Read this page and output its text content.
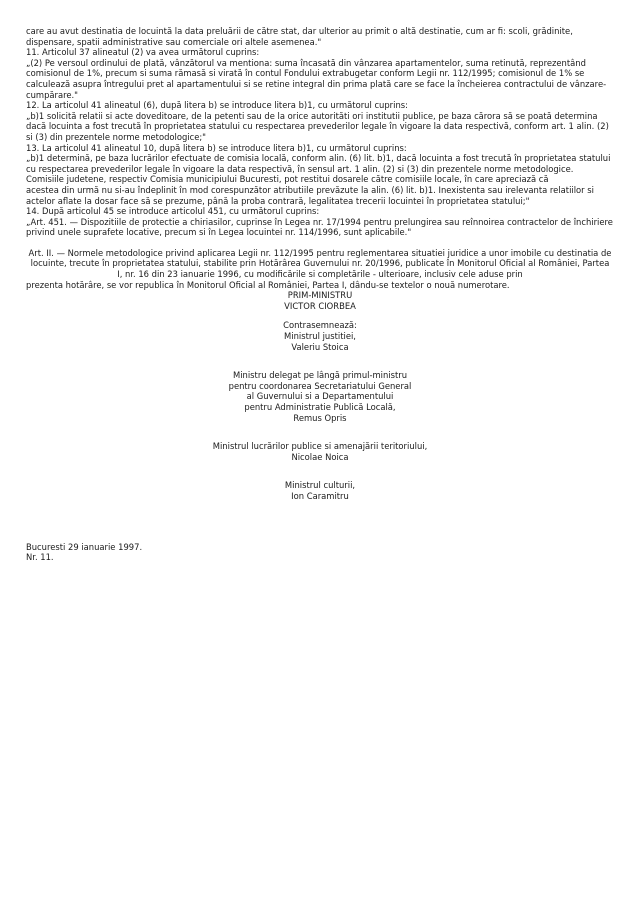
care au avut destinatia de locuintă la data preluării de către stat, dar ulterior au primit o altă destinatie, cum ar fi: scoli, grădinite,

dispensare, spatii administrative sau comerciale ori altele asemenea."

11. Articolul 37 alineatul (2) va avea următorul cuprins:

„(2) Pe versoul ordinului de plată, vânzătorul va mentiona: suma încasată din vânzarea apartamentelor, suma retinută, reprezentând

comisionul de 1%, precum si suma rămasă si virată în contul Fondului extrabugetar conform Legii nr. 112/1995; comisionul de 1% se

calculează asupra întregului pret al apartamentului si se retine integral din prima plată care se face la încheierea contractului de vânzare-

cumpărare."

12. La articolul 41 alineatul (6), după litera b) se introduce litera b)1, cu următorul cuprins:

„b)1 solicită relatii si acte doveditoare, de la petenti sau de la orice autorităti ori institutii publice, pe baza cărora să se poată determina

dacă locuinta a fost trecută în proprietatea statului cu respectarea prevederilor legale în vigoare la data respectivă, conform art. 1 alin. (2)

si (3) din prezentele norme metodologice;"

13. La articolul 41 alineatul 10, după litera b) se introduce litera b)1, cu următorul cuprins:

„b)1 determină, pe baza lucrărilor efectuate de comisia locală, conform alin. (6) lit. b)1, dacă locuinta a fost trecută în proprietatea statului

cu respectarea prevederilor legale în vigoare la data respectivă, în sensul art. 1 alin. (2) si (3) din prezentele norme metodologice.

Comisiile judetene, respectiv Comisia municipiului Bucuresti, pot restitui dosarele către comisiile locale, în care apreciază că

acestea din urmă nu si-au îndeplinit în mod corespunzător atributiile prevăzute la alin. (6) lit. b)1. Inexistenta sau irelevanta relatiilor si

actelor aflate la dosar face să se prezume, până la proba contrară, legalitatea trecerii locuintei în proprietatea statului;"

14. După articolul 45 se introduce articolul 451, cu următorul cuprins:

„Art. 451. — Dispozitiile de protectie a chiriasilor, cuprinse în Legea nr. 17/1994 pentru prelungirea sau reînnoirea contractelor de închiriere

privind unele suprafete locative, precum si în Legea locuintei nr. 114/1996, sunt aplicabile."

Art. II. — Normele metodologice privind aplicarea Legii nr. 112/1995 pentru reglementarea situatiei juridice a unor imobile cu destinatia de

locuinte, trecute în proprietatea statului, stabilite prin Hotărârea Guvernului nr. 20/1996, publicate în Monitorul Oficial al României, Partea

I, nr. 16 din 23 ianuarie 1996, cu modificările si completările - ulterioare, inclusiv cele aduse prin

prezenta hotărâre, se vor republica în Monitorul Oficial al României, Partea I, dându-se textelor o nouă numerotare.

PRIM-MINISTRU

VICTOR CIORBEA

Contrasemnează:

Ministrul justitiei,

Valeriu Stoica

Ministru delegat pe lângă primul-ministru

pentru coordonarea Secretariatului General

al Guvernului si a Departamentului

pentru Administratie Publică Locală,

Remus Opris

Ministrul lucrărilor publice si amenajării teritoriului,

Nicolae Noica

Ministrul culturii,

Ion Caramitru

Bucuresti 29 ianuarie 1997.

Nr. 11.
